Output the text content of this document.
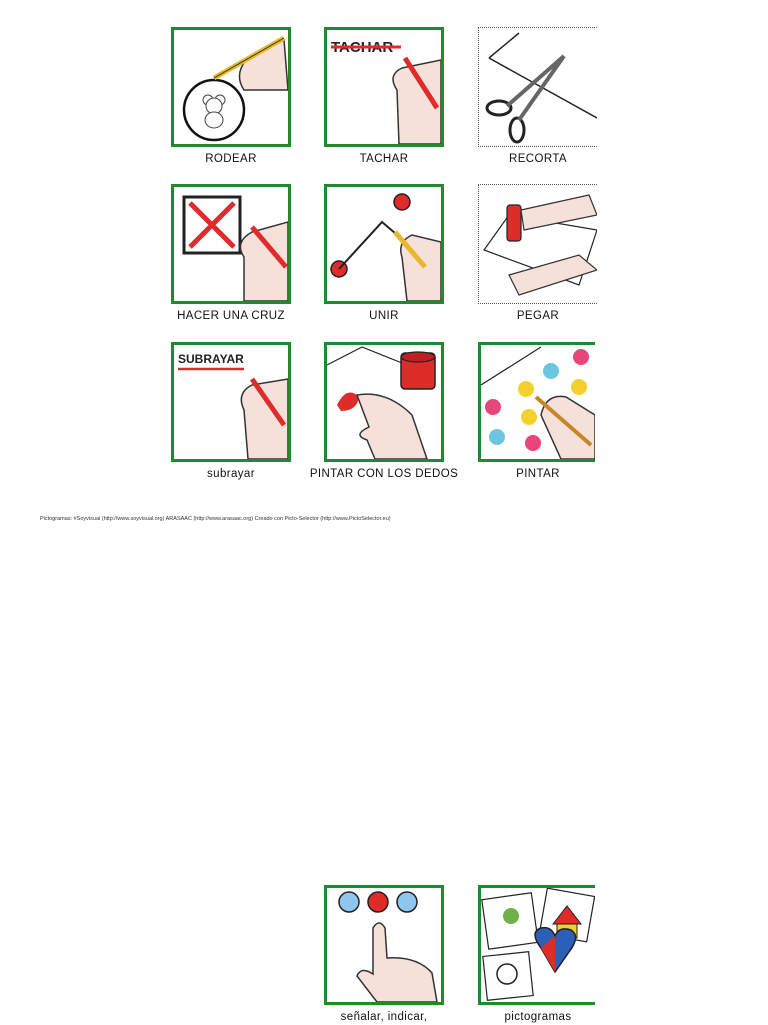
RODEAR
TACHAR
TACHAR	RECORTA
HACER UNA CRUZ	UNIR	PEGAR
SUBRAYAR
subrayar	PINTAR CON LOS DEDOS	PINTAR
Pictogramas: #Soyvisual (http://www.soyvisual.org) ARASAAC (http://www.arasaac.org) Creado con Picto-Selector (http://www.PictoSelector.eu)
señalar, indicar,	pictogramas
